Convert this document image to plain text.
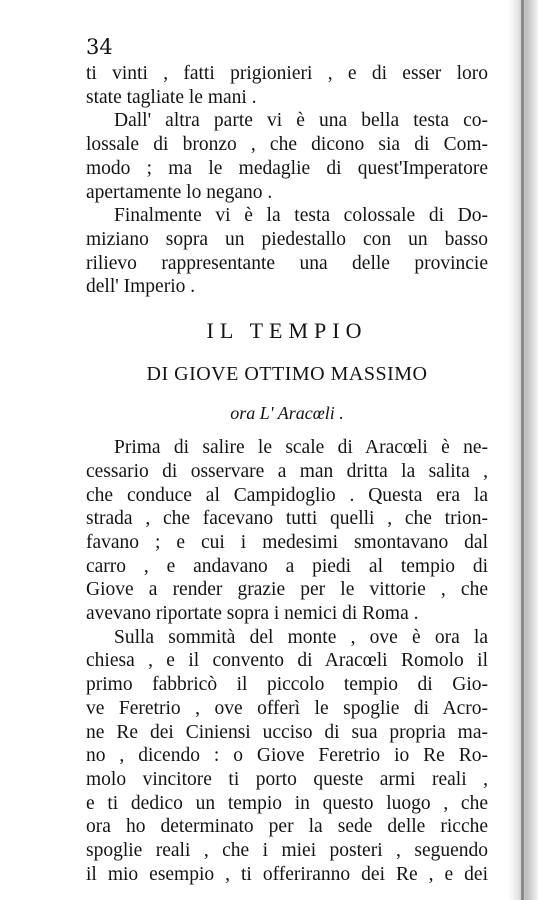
34
ti vinti , fatti prigionieri , e di esser loro
state tagliate le mani .
Dall' altra parte vi è una bella testa co-
lossale di bronzo , che dicono sia di Com-
modo ; ma le medaglie di quest'Imperatore
apertamente lo negano .
Finalmente vi è la testa colossale di Do-
miziano sopra un piedestallo con un basso
rilievo rappresentante una delle provincie
dell' Imperio .
IL TEMPIO
DI GIOVE OTTIMO MASSIMO
ora L' Aracœli .
Prima di salire le scale di Aracœli è ne-
cessario di osservare a man dritta la salita ,
che conduce al Campidoglio . Questa era la
strada , che facevano tutti quelli , che trion-
favano ; e cui i medesimi smontavano dal
carro , e andavano a piedi al tempio di
Giove a render grazie per le vittorie , che
avevano riportate sopra i nemici di Roma .
Sulla sommità del monte , ove è ora la
chiesa , e il convento di Aracœli Romolo il
primo fabbricò il piccolo tempio di Gio-
ve Feretrio , ove offerì le spoglie di Acro-
ne Re dei Ciniensi ucciso di sua propria ma-
no , dicendo : o Giove Feretrio io Re Ro-
molo vincitore ti porto queste armi reali ,
e ti dedico un tempio in questo luogo , che
ora ho determinato per la sede delle ricche
spoglie reali , che i miei posteri , seguendo
il mio esempio , ti offeriranno dei Re , e dei
